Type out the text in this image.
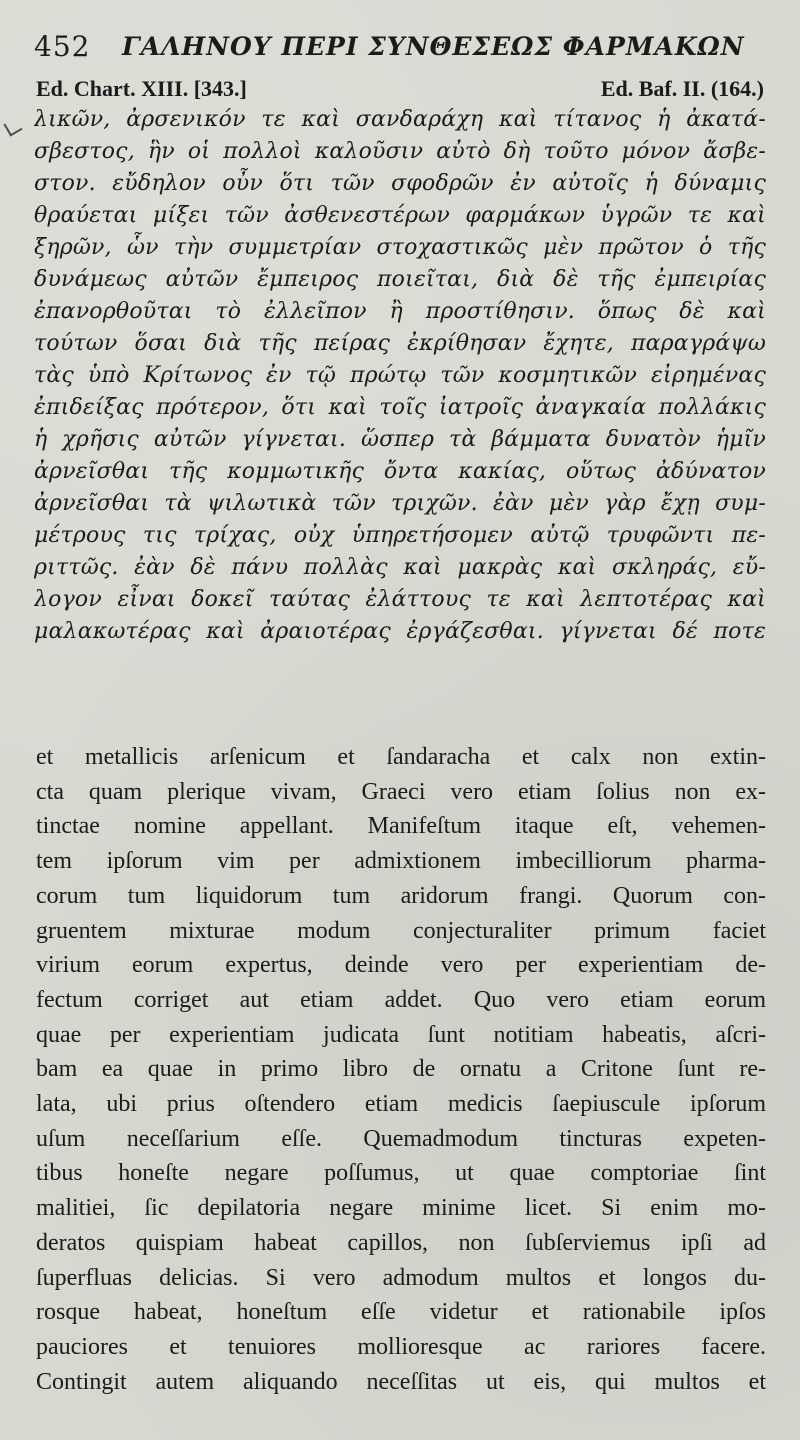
452 ΓΑΛΗΝΟΥ ΠΕΡΙ ΣΥΝΘΕΣΕΩΣ ΦΑΡΜΑΚΩΝ
Ed. Chart. XIII. [343.]	Ed. Baf. II. (164.)
λικῶν, ἀρσενικόν τε καὶ σανδαράχη καὶ τίτανος ἡ ἀκατά-
σβεστος, ἣν οἱ πολλοὶ καλοῦσιν αὐτὸ δὴ τοῦτο μόνον ἄσβε-
στον. εὔδηλον οὖν ὅτι τῶν σφοδρῶν ἐν αὐτοῖς ἡ δύναμις
θραύεται μίξει τῶν ἀσθενεστέρων φαρμάκων ὑγρῶν τε καὶ
ξηρῶν, ὧν τὴν συμμετρίαν στοχαστικῶς μὲν πρῶτον ὁ τῆς
δυνάμεως αὐτῶν ἔμπειρος ποιεῖται, διὰ δὲ τῆς ἐμπειρίας
ἐπανορθοῦται τὸ ἐλλεῖπον ἢ προστίθησιν. ὅπως δὲ καὶ
τούτων ὅσαι διὰ τῆς πείρας ἐκρίθησαν ἔχητε, παραγράψω
τὰς ὑπὸ Κρίτωνος ἐν τῷ πρώτῳ τῶν κοσμητικῶν εἰρημένας
ἐπιδείξας πρότερον, ὅτι καὶ τοῖς ἰατροῖς ἀναγκαία πολλάκις
ἡ χρῆσις αὐτῶν γίγνεται. ὥσπερ τὰ βάμματα δυνατὸν ἡμῖν
ἀρνεῖσθαι τῆς κομμωτικῆς ὄντα κακίας, οὕτως ἀδύνατον
ἀρνεῖσθαι τὰ ψιλωτικὰ τῶν τριχῶν. ἐὰν μὲν γὰρ ἔχῃ συμ-
μέτρους τις τρίχας, οὐχ ὑπηρετήσομεν αὐτῷ τρυφῶντι πε-
ριττῶς. ἐὰν δὲ πάνυ πολλὰς καὶ μακρὰς καὶ σκληράς, εὔ-
λογον εἶναι δοκεῖ ταύτας ἐλάττους τε καὶ λεπτοτέρας καὶ
μαλακωτέρας καὶ ἀραιοτέρας ἐργάζεσθαι. γίγνεται δέ ποτε
et metallicis arſenicum et ſandaracha et calx non extin-
cta quam plerique vivam, Graeci vero etiam ſolius non ex-
tinctae nomine appellant. Manifeſtum itaque eſt, vehemen-
tem ipſorum vim per admixtionem imbecilliorum pharma-
corum tum liquidorum tum aridorum frangi. Quorum con-
gruentem mixturae modum conjecturaliter primum faciet
virium eorum expertus, deinde vero per experientiam de-
fectum corriget aut etiam addet. Quo vero etiam eorum
quae per experientiam judicata ſunt notitiam habeatis, aſcri-
bam ea quae in primo libro de ornatu a Critone ſunt re-
lata, ubi prius oſtendero etiam medicis ſaepiuscule ipſorum
uſum neceſſarium eſſe. Quemadmodum tincturas expeten-
tibus honeſte negare poſſumus, ut quae comptoriae ſint
malitiei, ſic depilatoria negare minime licet. Si enim mo-
deratos quispiam habeat capillos, non ſubſerviemus ipſi ad
ſuperfluas delicias. Si vero admodum multos et longos du-
rosque habeat, honeſtum eſſe videtur et rationabile ipſos
pauciores et tenuiores mollioresque ac rariores facere.
Contingit autem aliquando neceſſitas ut eis, qui multos et
